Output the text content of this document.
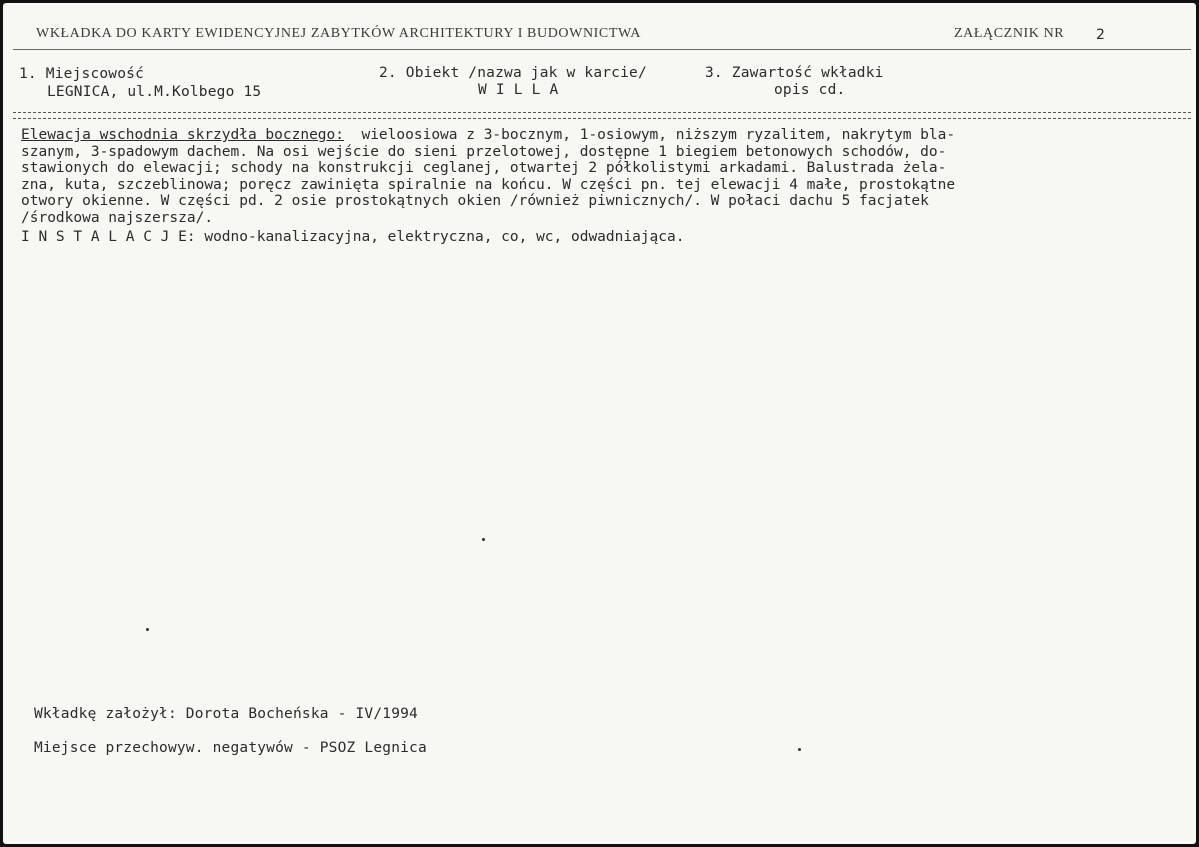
WKŁADKA DO KARTY EWIDENCYJNEJ ZABYTKÓW ARCHITEKTURY I BUDOWNICTWA	ZAŁĄCZNIK NR 2
1. Miejscowość
LEGNICA, ul.M.Kolbego 15
2. Obiekt /nazwa jak w karcie/
W I L L A
3. Zawartość wkładki
opis cd.
Elewacja wschodnia skrzydła bocznego:  wieloosiowa z 3-bocznym, 1-osiowym, niższym ryzalitem, nakrytym bla-
szanym, 3-spadowym dachem. Na osi wejście do sieni przelotowej, dostępne 1 biegiem betonowych schodów, do-
stawionych do elewacji; schody na konstrukcji ceglanej, otwartej 2 półkolistymi arkadami. Balustrada żela-
zna, kuta, szczeblinowa; poręcz zawinięta spiralnie na końcu. W części pn. tej elewacji 4 małe, prostokątne
otwory okienne. W części pd. 2 osie prostokątnych okien /również piwnicznych/. W połaci dachu 5 facjatek
/środkowa najszersza/.
I N S T A L A C J E: wodno-kanalizacyjna, elektryczna, co, wc, odwadniająca.
Wkładkę założył: Dorota Bocheńska - IV/1994
Miejsce przechowyw. negatywów - PSOZ Legnica
